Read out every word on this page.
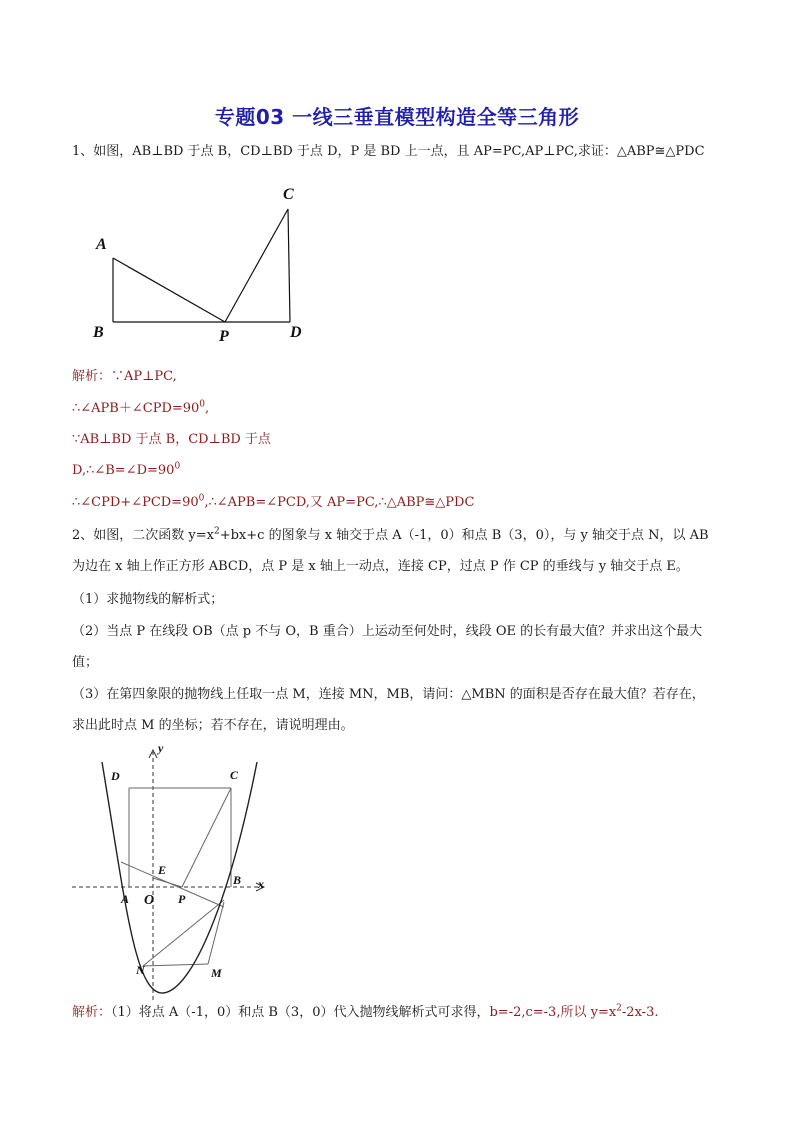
专题03 一线三垂直模型构造全等三角形
1、如图，AB⊥BD 于点 B，CD⊥BD 于点 D，P 是 BD 上一点，且 AP=PC,AP⊥PC,求证：△ABP≅△PDC
A
B
C
D
P
y
x
D	C
E
B
A	P
N	M
O
解析：∵AP⊥PC,
$\therefore\angle APB+\angle CPD=90^0$,
∵AB⊥BD 于点 B，CD⊥BD 于点
$D,\therefore\angle B=\angle D=90^0$
$\therefore\angle CPD+\angle PCD=90^0,\therefore\angle APB=\angle PCD$,又 AP=PC,∴△ABP≅△PDC
2、如图，二次函数 $y=x^2+bx+c$ 的图象与 x 轴交于点 A（-1，0）和点 B（3，0），与 y 轴交于点 N，以 AB
为边在 x 轴上作正方形 ABCD，点 P 是 x 轴上一动点，连接 CP，过点 P 作 CP 的垂线与 y 轴交于点 E。
（1）求抛物线的解析式；
（2）当点 P 在线段 OB（点 p 不与 O，B 重合）上运动至何处时，线段 OE 的长有最大值？并求出这个最大
值；
（3）在第四象限的抛物线上任取一点 M，连接 MN，MB，请问：△MBN 的面积是否存在最大值？若存在，
求出此时点 M 的坐标；若不存在，请说明理由。
解析：（1）将点 A（-1，0）和点 B（3，0）代入抛物线解析式可求得，b=-2,c=-3,所以 $y=x^2-2x-3$.
